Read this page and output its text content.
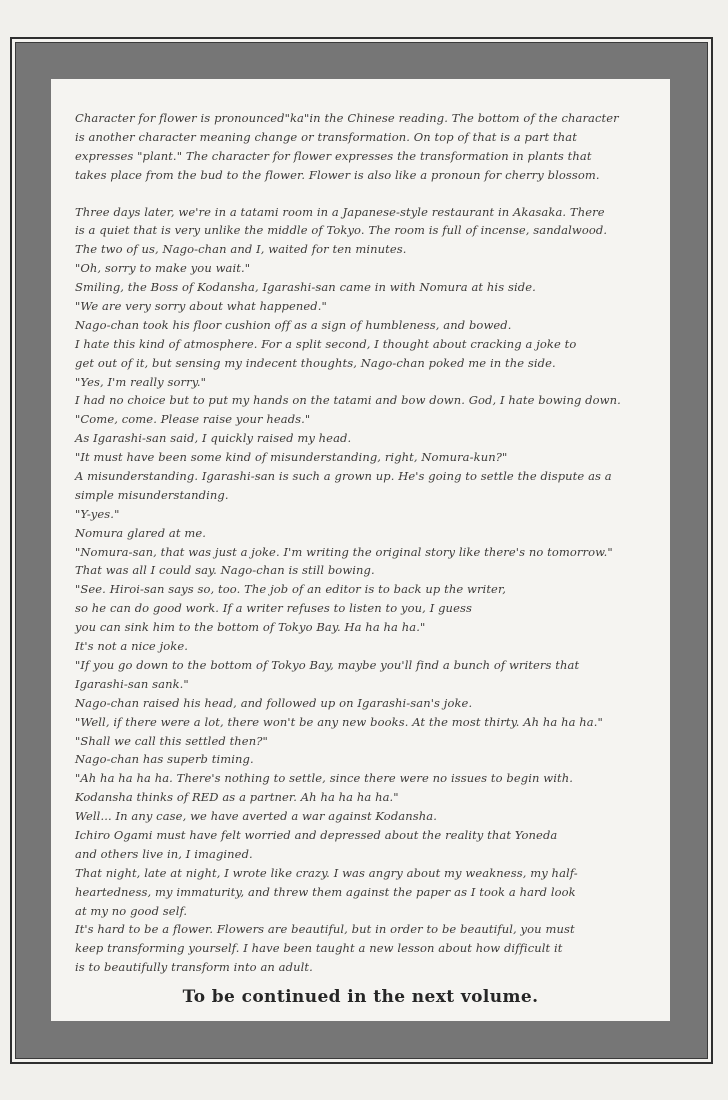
Character for flower is pronounced"ka"in the Chinese reading. The bottom of the character
is another character meaning change or transformation. On top of that is a part that
expresses "plant." The character for flower expresses the transformation in plants that
takes place from the bud to the flower. Flower is also like a pronoun for cherry blossom.
Three days later, we're in a tatami room in a Japanese-style restaurant in Akasaka. There
is a quiet that is very unlike the middle of Tokyo. The room is full of incense, sandalwood.
The two of us, Nago-chan and I, waited for ten minutes.
"Oh, sorry to make you wait."
Smiling, the Boss of Kodansha, Igarashi-san came in with Nomura at his side.
"We are very sorry about what happened."
Nago-chan took his floor cushion off as a sign of humbleness, and bowed.
I hate this kind of atmosphere. For a split second, I thought about cracking a joke to
get out of it, but sensing my indecent thoughts, Nago-chan poked me in the side.
"Yes, I'm really sorry."
I had no choice but to put my hands on the tatami and bow down. God, I hate bowing down.
"Come, come. Please raise your heads."
As Igarashi-san said, I quickly raised my head.
"It must have been some kind of misunderstanding, right, Nomura-kun?"
A misunderstanding. Igarashi-san is such a grown up. He's going to settle the dispute as a
simple misunderstanding.
"Y-yes."
Nomura glared at me.
"Nomura-san, that was just a joke. I'm writing the original story like there's no tomorrow."
That was all I could say. Nago-chan is still bowing.
"See. Hiroi-san says so, too. The job of an editor is to back up the writer,
so he can do good work. If a writer refuses to listen to you, I guess
you can sink him to the bottom of Tokyo Bay. Ha ha ha ha."
It's not a nice joke.
"If you go down to the bottom of Tokyo Bay, maybe you'll find a bunch of writers that
Igarashi-san sank."
Nago-chan raised his head, and followed up on Igarashi-san's joke.
"Well, if there were a lot, there won't be any new books. At the most thirty. Ah ha ha ha."
"Shall we call this settled then?"
Nago-chan has superb timing.
"Ah ha ha ha ha. There's nothing to settle, since there were no issues to begin with.
Kodansha thinks of RED as a partner. Ah ha ha ha ha."
Well... In any case, we have averted a war against Kodansha.
Ichiro Ogami must have felt worried and depressed about the reality that Yoneda
and others live in, I imagined.
That night, late at night, I wrote like crazy. I was angry about my weakness, my half-
heartedness, my immaturity, and threw them against the paper as I took a hard look
at my no good self.
It's hard to be a flower. Flowers are beautiful, but in order to be beautiful, you must
keep transforming yourself. I have been taught a new lesson about how difficult it
is to beautifully transform into an adult.
To be continued in the next volume.
